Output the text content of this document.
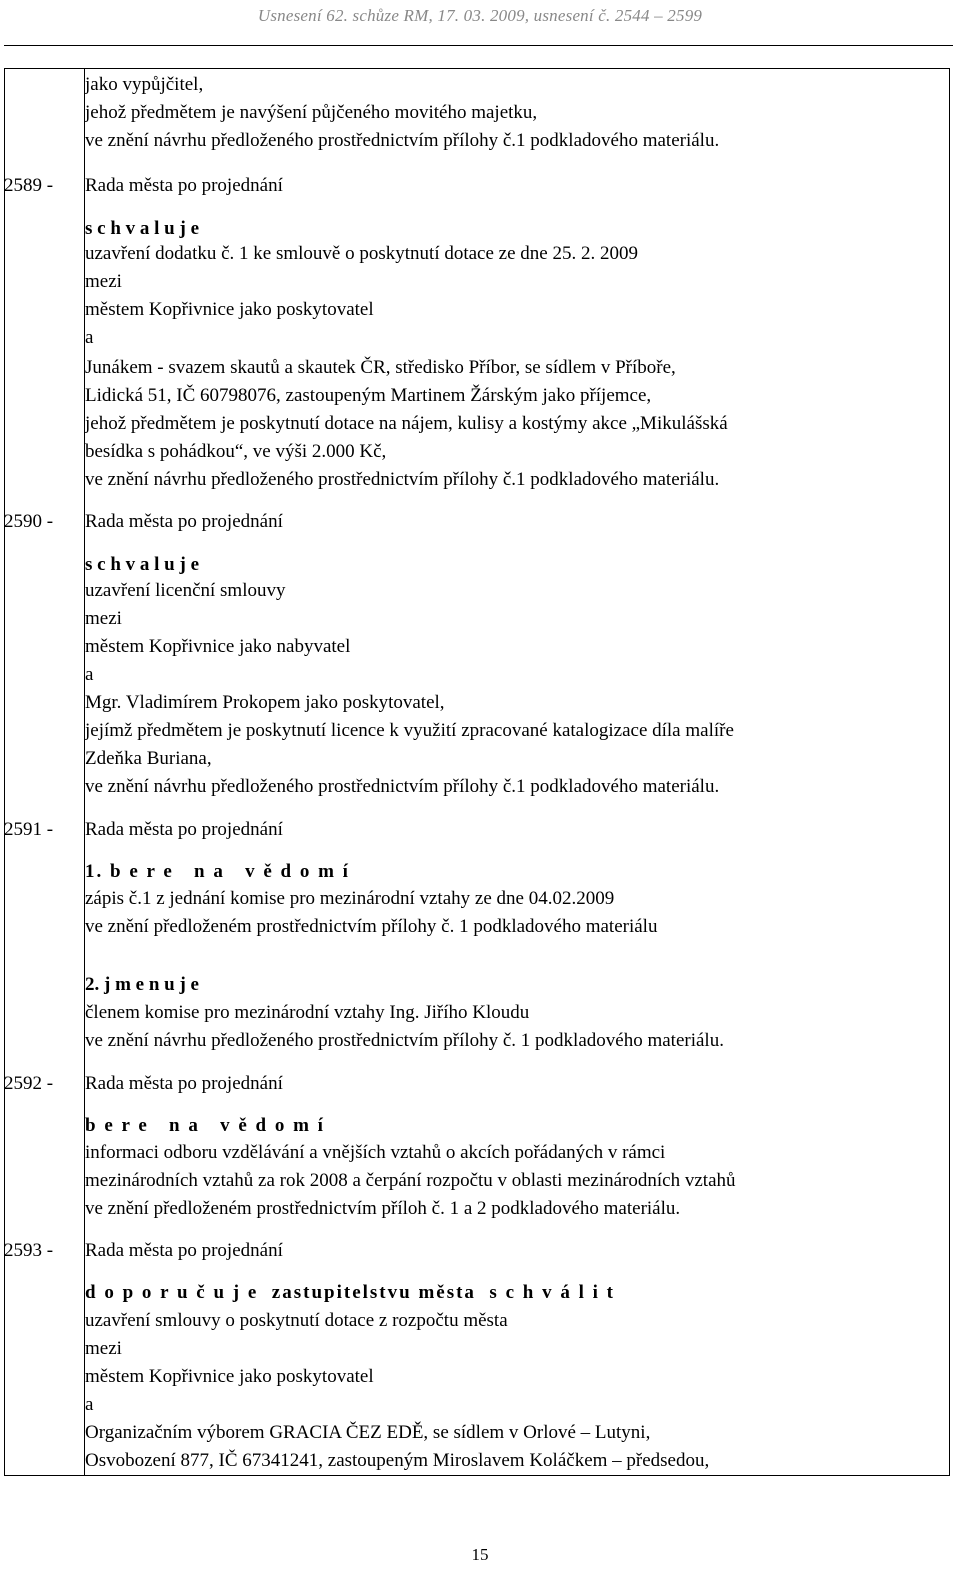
Usnesení 62. schůze RM, 17. 03. 2009, usnesení č. 2544 – 2599
jako vypůjčitel,
jehož předmětem je navýšení půjčeného movitého majetku,
ve znění návrhu předloženého prostřednictvím přílohy č.1 podkladového materiálu.
2589 - Rada města po projednání
s c h v a l u j e
uzavření dodatku č. 1 ke smlouvě o poskytnutí dotace ze dne 25. 2. 2009
mezi
městem Kopřivnice jako poskytovatel
a
Junákem - svazem skautů a skautek ČR, středisko Příbor, se sídlem v Příboře,
Lidická 51, IČ 60798076, zastoupeným Martinem Žárským jako příjemce,
jehož předmětem je poskytnutí dotace na nájem, kulisy a kostýmy akce „Mikulášská
besídka s pohádkou“, ve výši 2.000 Kč,
ve znění návrhu předloženého prostřednictvím přílohy č.1 podkladového materiálu.
2590 - Rada města po projednání
s c h v a l u j e
uzavření licenční smlouvy
mezi
městem Kopřivnice jako nabyvatel
a
Mgr. Vladimírem Prokopem jako poskytovatel,
jejímž předmětem je poskytnutí licence k využití zpracované katalogizace díla malíře
Zdeňka Buriana,
ve znění návrhu předloženého prostřednictvím přílohy č.1 podkladového materiálu.
2591 - Rada města po projednání
1. b e r e   n a   v ě d o m í
zápis č.1 z jednání komise pro mezinárodní vztahy ze dne 04.02.2009
ve znění předloženém prostřednictvím přílohy č. 1 podkladového materiálu
2. j m e n u j e
členem komise pro mezinárodní vztahy Ing. Jiřího Kloudu
ve znění návrhu předloženého prostřednictvím přílohy č. 1 podkladového materiálu.
2592 - Rada města po projednání
b e r e   n a   v ě d o m í
informaci odboru vzdělávání a vnějších vztahů o akcích pořádaných v rámci
mezinárodních vztahů za rok 2008 a čerpání rozpočtu v oblasti mezinárodních vztahů
ve znění předloženém prostřednictvím příloh č. 1 a 2 podkladového materiálu.
2593 - Rada města po projednání
d o p o r u č u j e  zastupitelstvu města  s c h v á l i t
uzavření smlouvy o poskytnutí dotace z rozpočtu města
mezi
městem Kopřivnice jako poskytovatel
a
Organizačním výborem GRACIA ČEZ EDĚ, se sídlem v Orlové – Lutyni,
Osvobození 877, IČ 67341241, zastoupeným Miroslavem Koláčkem – předsedou,
15
